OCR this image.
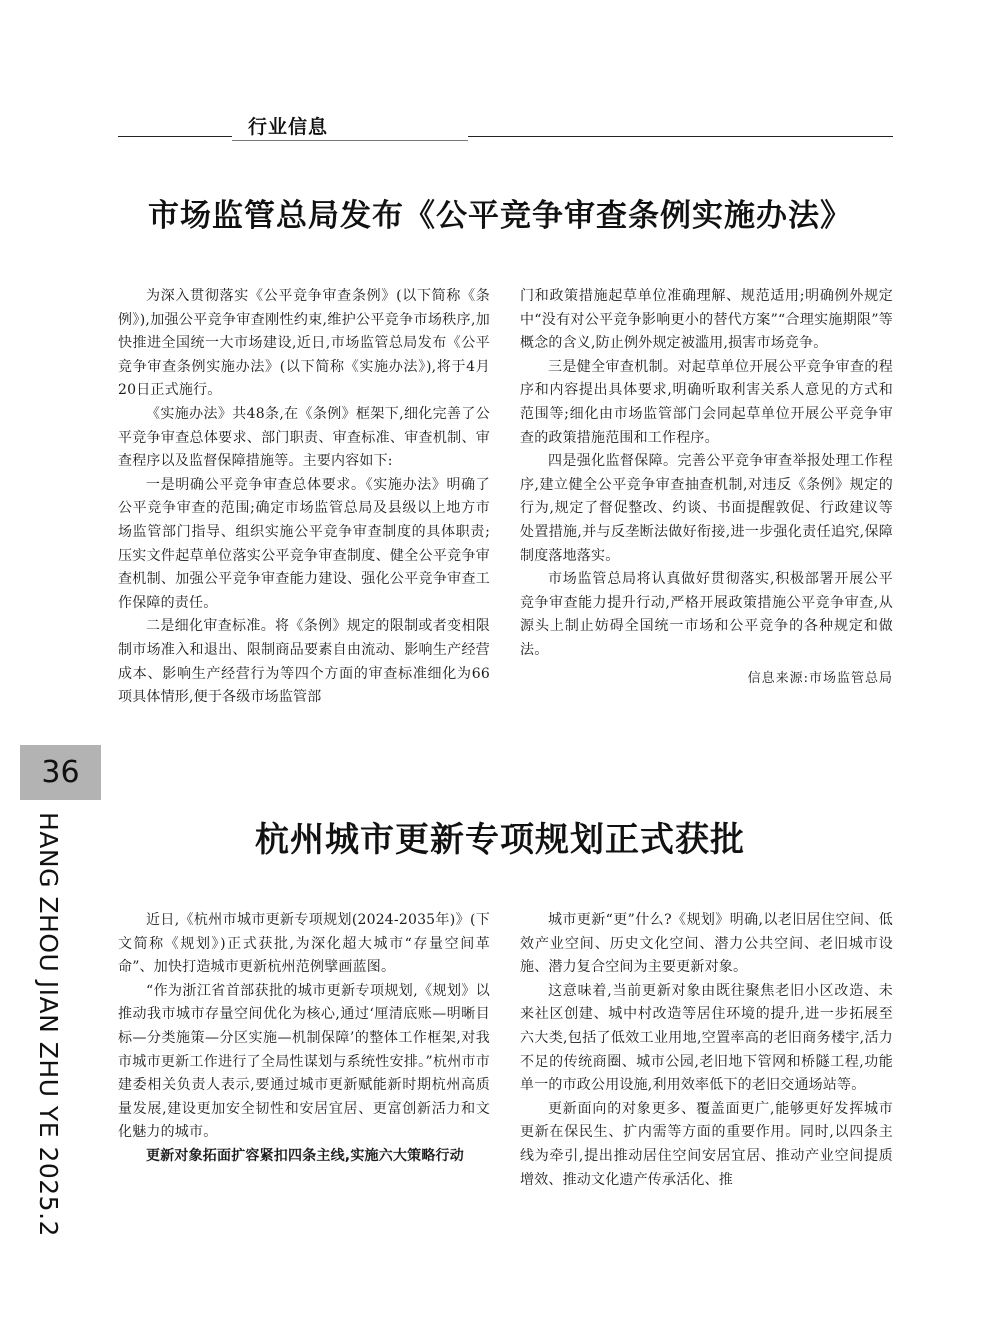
行业信息
市场监管总局发布《公平竞争审查条例实施办法》

为深入贯彻落实《公平竞争审查条例》(以下简称《条例》),加强公平竞争审查刚性约束,维护公平竞争市场秩序,加快推进全国统一大市场建设,近日,市场监管总局发布《公平竞争审查条例实施办法》(以下简称《实施办法》),将于4月20日正式施行。

《实施办法》共48条,在《条例》框架下,细化完善了公平竞争审查总体要求、部门职责、审查标准、审查机制、审查程序以及监督保障措施等。主要内容如下:

一是明确公平竞争审查总体要求。《实施办法》明确了公平竞争审查的范围;确定市场监管总局及县级以上地方市场监管部门指导、组织实施公平竞争审查制度的具体职责;压实文件起草单位落实公平竞争审查制度、健全公平竞争审查机制、加强公平竞争审查能力建设、强化公平竞争审查工作保障的责任。

二是细化审查标准。将《条例》规定的限制或者变相限制市场准入和退出、限制商品要素自由流动、影响生产经营成本、影响生产经营行为等四个方面的审查标准细化为66项具体情形,便于各级市场监管部

门和政策措施起草单位准确理解、规范适用;明确例外规定中“没有对公平竞争影响更小的替代方案”“合理实施期限”等概念的含义,防止例外规定被滥用,损害市场竞争。

三是健全审查机制。对起草单位开展公平竞争审查的程序和内容提出具体要求,明确听取利害关系人意见的方式和范围等;细化由市场监管部门会同起草单位开展公平竞争审查的政策措施范围和工作程序。

四是强化监督保障。完善公平竞争审查举报处理工作程序,建立健全公平竞争审查抽查机制,对违反《条例》规定的行为,规定了督促整改、约谈、书面提醒敦促、行政建议等处置措施,并与反垄断法做好衔接,进一步强化责任追究,保障制度落地落实。

市场监管总局将认真做好贯彻落实,积极部署开展公平竞争审查能力提升行动,严格开展政策措施公平竞争审查,从源头上制止妨碍全国统一市场和公平竞争的各种规定和做法。

信息来源:市场监管总局

36
HANG ZHOU JIAN ZHU YE 2025.2	杭州城市更新专项规划正式获批

近日,《杭州市城市更新专项规划(2024-2035年)》(下文简称《规划》)正式获批,为深化超大城市“存量空间革命”、加快打造城市更新杭州范例擘画蓝图。

“作为浙江省首部获批的城市更新专项规划,《规划》以推动我市城市存量空间优化为核心,通过‘厘清底账—明晰目标—分类施策—分区实施—机制保障’的整体工作框架,对我市城市更新工作进行了全局性谋划与系统性安排。”杭州市市建委相关负责人表示,要通过城市更新赋能新时期杭州高质量发展,建设更加安全韧性和安居宜居、更富创新活力和文化魅力的城市。

更新对象拓面扩容紧扣四条主线,实施六大策略行动

城市更新“更”什么?《规划》明确,以老旧居住空间、低效产业空间、历史文化空间、潜力公共空间、老旧城市设施、潜力复合空间为主要更新对象。

这意味着,当前更新对象由既往聚焦老旧小区改造、未来社区创建、城中村改造等居住环境的提升,进一步拓展至六大类,包括了低效工业用地,空置率高的老旧商务楼宇,活力不足的传统商圈、城市公园,老旧地下管网和桥隧工程,功能单一的市政公用设施,利用效率低下的老旧交通场站等。

更新面向的对象更多、覆盖面更广,能够更好发挥城市更新在保民生、扩内需等方面的重要作用。同时,以四条主线为牵引,提出推动居住空间安居宜居、推动产业空间提质增效、推动文化遗产传承活化、推
